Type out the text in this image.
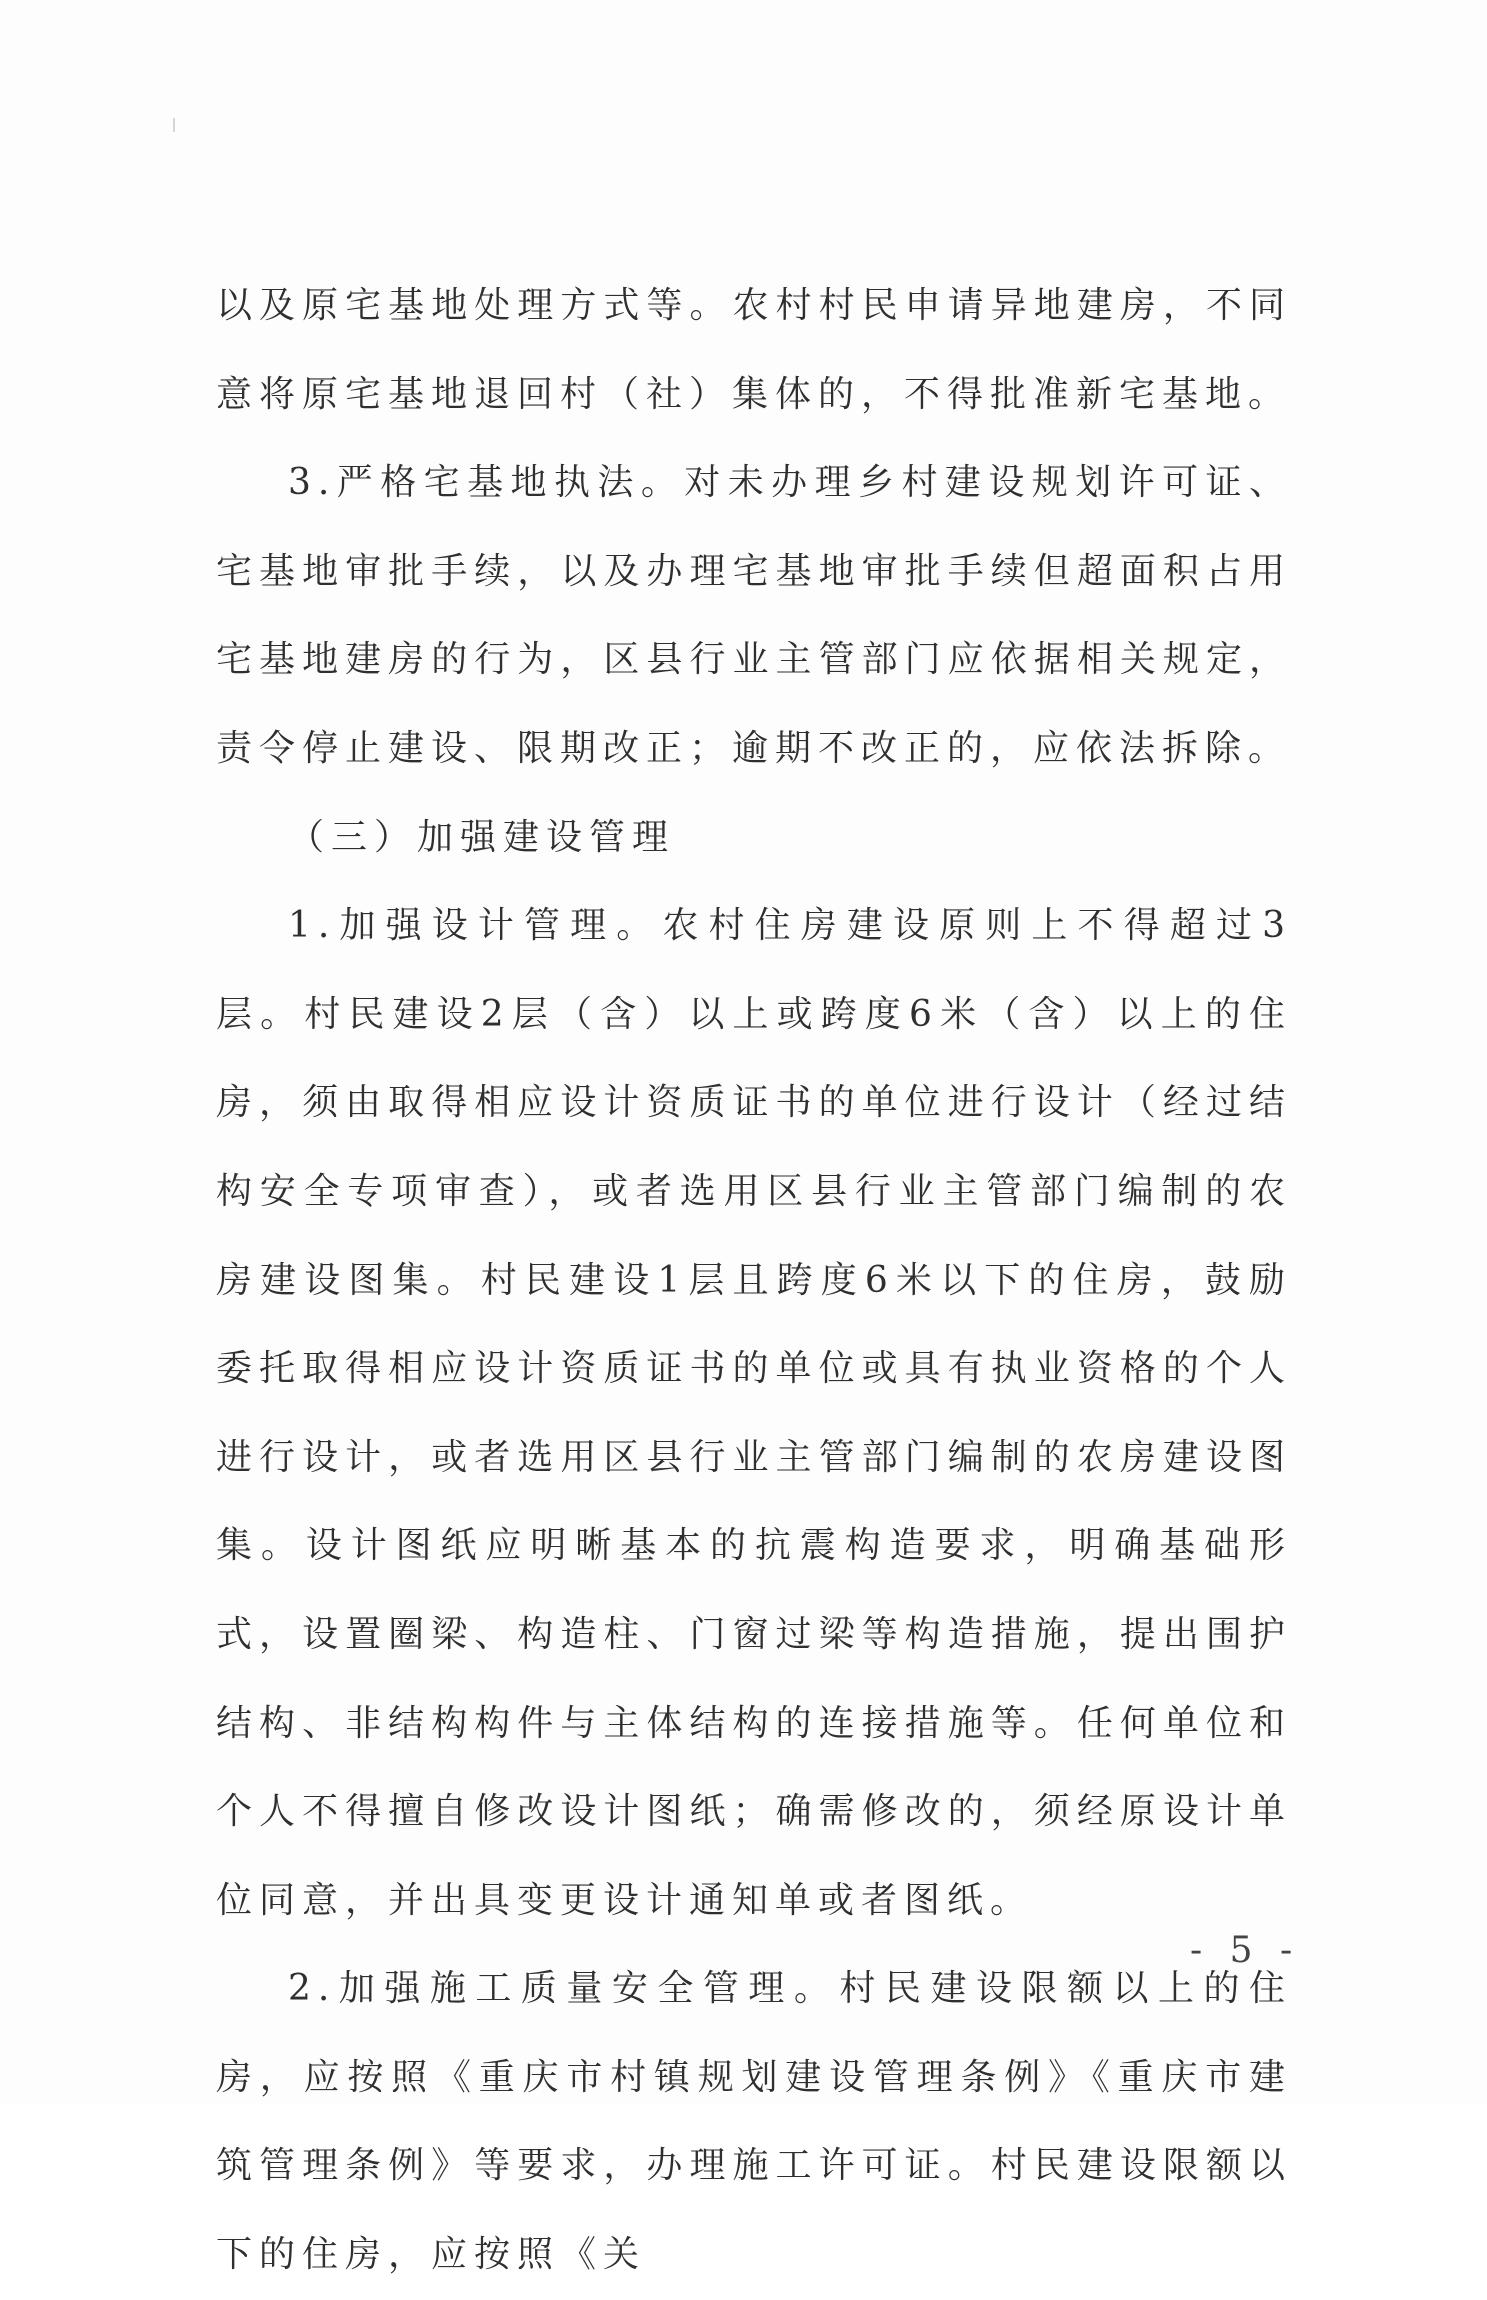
以及原宅基地处理方式等。农村村民申请异地建房，不同意将原宅基地退回村（社）集体的，不得批准新宅基地。

3.严格宅基地执法。对未办理乡村建设规划许可证、宅基地审批手续，以及办理宅基地审批手续但超面积占用宅基地建房的行为，区县行业主管部门应依据相关规定，责令停止建设、限期改正；逾期不改正的，应依法拆除。

（三）加强建设管理

1.加强设计管理。农村住房建设原则上不得超过3层。村民建设2层（含）以上或跨度6米（含）以上的住房，须由取得相应设计资质证书的单位进行设计（经过结构安全专项审查），或者选用区县行业主管部门编制的农房建设图集。村民建设1层且跨度6米以下的住房，鼓励委托取得相应设计资质证书的单位或具有执业资格的个人进行设计，或者选用区县行业主管部门编制的农房建设图集。设计图纸应明晰基本的抗震构造要求，明确基础形式，设置圈梁、构造柱、门窗过梁等构造措施，提出围护结构、非结构构件与主体结构的连接措施等。任何单位和个人不得擅自修改设计图纸；确需修改的，须经原设计单位同意，并出具变更设计通知单或者图纸。

2.加强施工质量安全管理。村民建设限额以上的住房，应按照《重庆市村镇规划建设管理条例》《重庆市建筑管理条例》等要求，办理施工许可证。村民建设限额以下的住房，应按照《关

- 5 -
